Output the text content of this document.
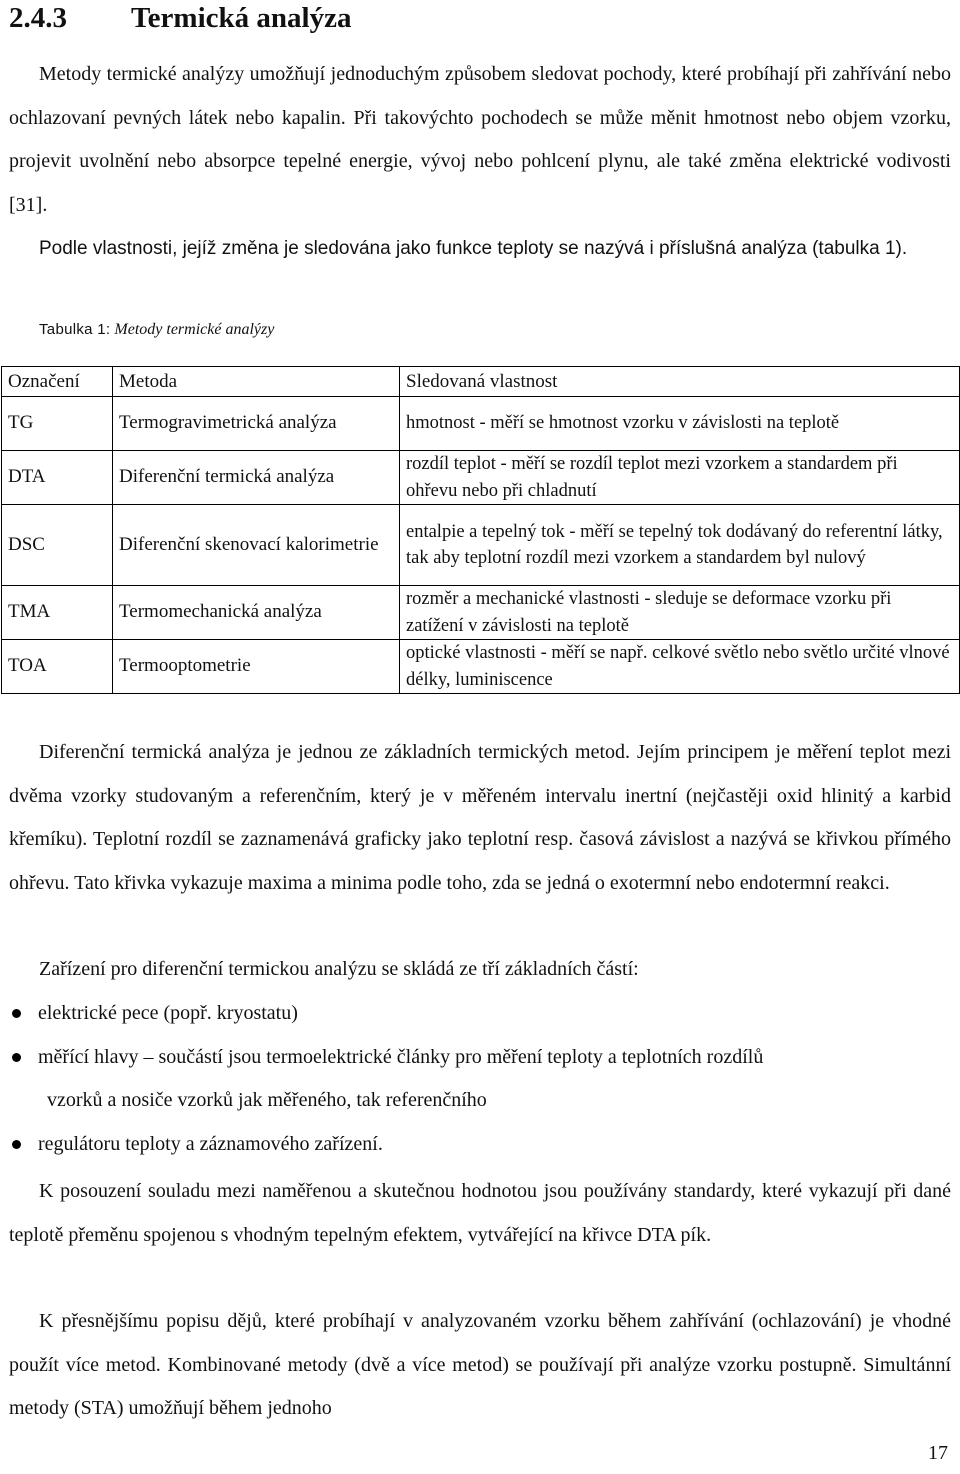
2.4.3 Termická analýza

Metody termické analýzy umožňují jednoduchým způsobem sledovat pochody, které probíhají při zahřívání nebo ochlazovaní pevných látek nebo kapalin. Při takovýchto pochodech se může měnit hmotnost nebo objem vzorku, projevit uvolnění nebo absorpce tepelné energie, vývoj nebo pohlcení plynu, ale také změna elektrické vodivosti [31].

Podle vlastnosti, jejíž změna je sledována jako funkce teploty se nazývá i příslušná analýza (tabulka 1).

Tabulka 1: Metody termické analýzy

Označení	Metoda	Sledovaná vlastnost
TG	Termogravimetrická analýza	hmotnost - měří se hmotnost vzorku v závislosti na teplotě
DTA	Diferenční termická analýza	rozdíl teplot - měří se rozdíl teplot mezi vzorkem a standardem při ohřevu nebo při chladnutí
DSC	Diferenční skenovací kalorimetrie	entalpie a tepelný tok - měří se tepelný tok dodávaný do referentní látky, tak aby teplotní rozdíl mezi vzorkem a standardem byl nulový
TMA	Termomechanická analýza	rozměr a mechanické vlastnosti - sleduje se deformace vzorku při zatížení v závislosti na teplotě
TOA	Termooptometrie	optické vlastnosti - měří se např. celkové světlo nebo světlo určité vlnové délky, luminiscence

Diferenční termická analýza je jednou ze základních termických metod. Jejím principem je měření teplot mezi dvěma vzorky studovaným a referenčním, který je v měřeném intervalu inertní (nejčastěji oxid hlinitý a karbid křemíku). Teplotní rozdíl se zaznamenává graficky jako teplotní resp. časová závislost a nazývá se křivkou přímého ohřevu. Tato křivka vykazuje maxima a minima podle toho, zda se jedná o exotermní nebo endotermní reakci.

Zařízení pro diferenční termickou analýzu se skládá ze tří základních částí:

elektrické pece (popř. kryostatu)
měřící hlavy – součástí jsou termoelektrické články pro měření teploty a teplotních rozdílů
vzorků a nosiče vzorků jak měřeného, tak referenčního
regulátoru teploty a záznamového zařízení.

K posouzení souladu mezi naměřenou a skutečnou hodnotou jsou používány standardy, které vykazují při dané teplotě přeměnu spojenou s vhodným tepelným efektem, vytvářející na křivce DTA pík.

K přesnějšímu popisu dějů, které probíhají v analyzovaném vzorku během zahřívání (ochlazování) je vhodné použít více metod. Kombinované metody (dvě a více metod) se používají při analýze vzorku postupně. Simultánní metody (STA) umožňují během jednoho

17
